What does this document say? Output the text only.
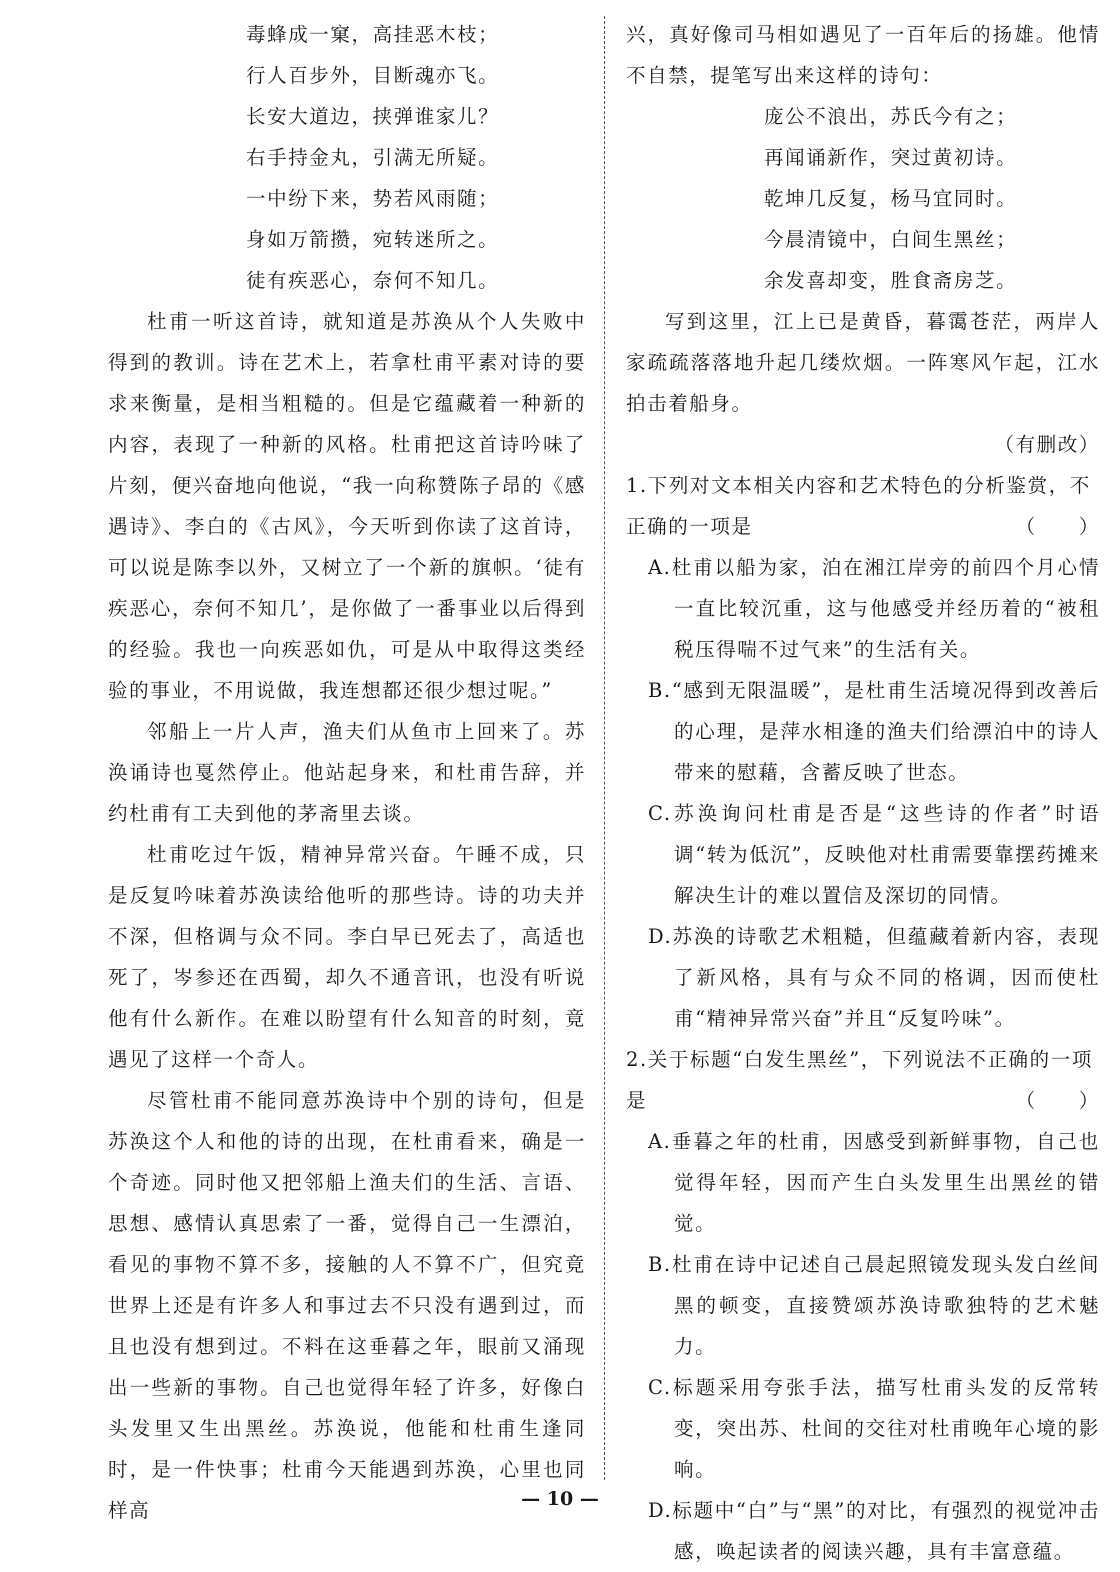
毒蜂成一窠，高挂恶木枝；

行人百步外，目断魂亦飞。

长安大道边，挟弹谁家儿？

右手持金丸，引满无所疑。

一中纷下来，势若风雨随；

身如万箭攒，宛转迷所之。

徒有疾恶心，奈何不知几。

杜甫一听这首诗，就知道是苏涣从个人失败中得到的教训。诗在艺术上，若拿杜甫平素对诗的要求来衡量，是相当粗糙的。但是它蕴藏着一种新的内容，表现了一种新的风格。杜甫把这首诗吟味了片刻，便兴奋地向他说，“我一向称赞陈子昂的《感遇诗》、李白的《古风》，今天听到你读了这首诗，可以说是陈李以外，又树立了一个新的旗帜。‘徒有疾恶心，奈何不知几’，是你做了一番事业以后得到的经验。我也一向疾恶如仇，可是从中取得这类经验的事业，不用说做，我连想都还很少想过呢。”

邻船上一片人声，渔夫们从鱼市上回来了。苏涣诵诗也戛然停止。他站起身来，和杜甫告辞，并约杜甫有工夫到他的茅斋里去谈。

杜甫吃过午饭，精神异常兴奋。午睡不成，只是反复吟味着苏涣读给他听的那些诗。诗的功夫并不深，但格调与众不同。李白早已死去了，高适也死了，岑参还在西蜀，却久不通音讯，也没有听说他有什么新作。在难以盼望有什么知音的时刻，竟遇见了这样一个奇人。

尽管杜甫不能同意苏涣诗中个别的诗句，但是苏涣这个人和他的诗的出现，在杜甫看来，确是一个奇迹。同时他又把邻船上渔夫们的生活、言语、思想、感情认真思索了一番，觉得自己一生漂泊，看见的事物不算不多，接触的人不算不广，但究竟世界上还是有许多人和事过去不只没有遇到过，而且也没有想到过。不料在这垂暮之年，眼前又涌现出一些新的事物。自己也觉得年轻了许多，好像白头发里又生出黑丝。苏涣说，他能和杜甫生逢同时，是一件快事；杜甫今天能遇到苏涣，心里也同样高

兴，真好像司马相如遇见了一百年后的扬雄。他情不自禁，提笔写出来这样的诗句：

庞公不浪出，苏氏今有之；

再闻诵新作，突过黄初诗。

乾坤几反复，杨马宜同时。

今晨清镜中，白间生黑丝；

余发喜却变，胜食斋房芝。

写到这里，江上已是黄昏，暮霭苍茫，两岸人家疏疏落落地升起几缕炊烟。一阵寒风乍起，江水拍击着船身。

（有删改）

1.下列对文本相关内容和艺术特色的分析鉴赏，不

正确的一项是	（　　）

A.杜甫以船为家，泊在湘江岸旁的前四个月心情一直比较沉重，这与他感受并经历着的“被租税压得喘不过气来”的生活有关。

B.“感到无限温暖”，是杜甫生活境况得到改善后的心理，是萍水相逢的渔夫们给漂泊中的诗人带来的慰藉，含蓄反映了世态。

C.苏涣询问杜甫是否是“这些诗的作者”时语调“转为低沉”，反映他对杜甫需要靠摆药摊来解决生计的难以置信及深切的同情。

D.苏涣的诗歌艺术粗糙，但蕴藏着新内容，表现了新风格，具有与众不同的格调，因而使杜甫“精神异常兴奋”并且“反复吟味”。

2.关于标题“白发生黑丝”，下列说法不正确的一项

是	（　　）

A.垂暮之年的杜甫，因感受到新鲜事物，自己也觉得年轻，因而产生白头发里生出黑丝的错觉。

B.杜甫在诗中记述自己晨起照镜发现头发白丝间黑的顿变，直接赞颂苏涣诗歌独特的艺术魅力。

C.标题采用夸张手法，描写杜甫头发的反常转变，突出苏、杜间的交往对杜甫晚年心境的影响。

D.标题中“白”与“黑”的对比，有强烈的视觉冲击感，唤起读者的阅读兴趣，具有丰富意蕴。

— 10 —
